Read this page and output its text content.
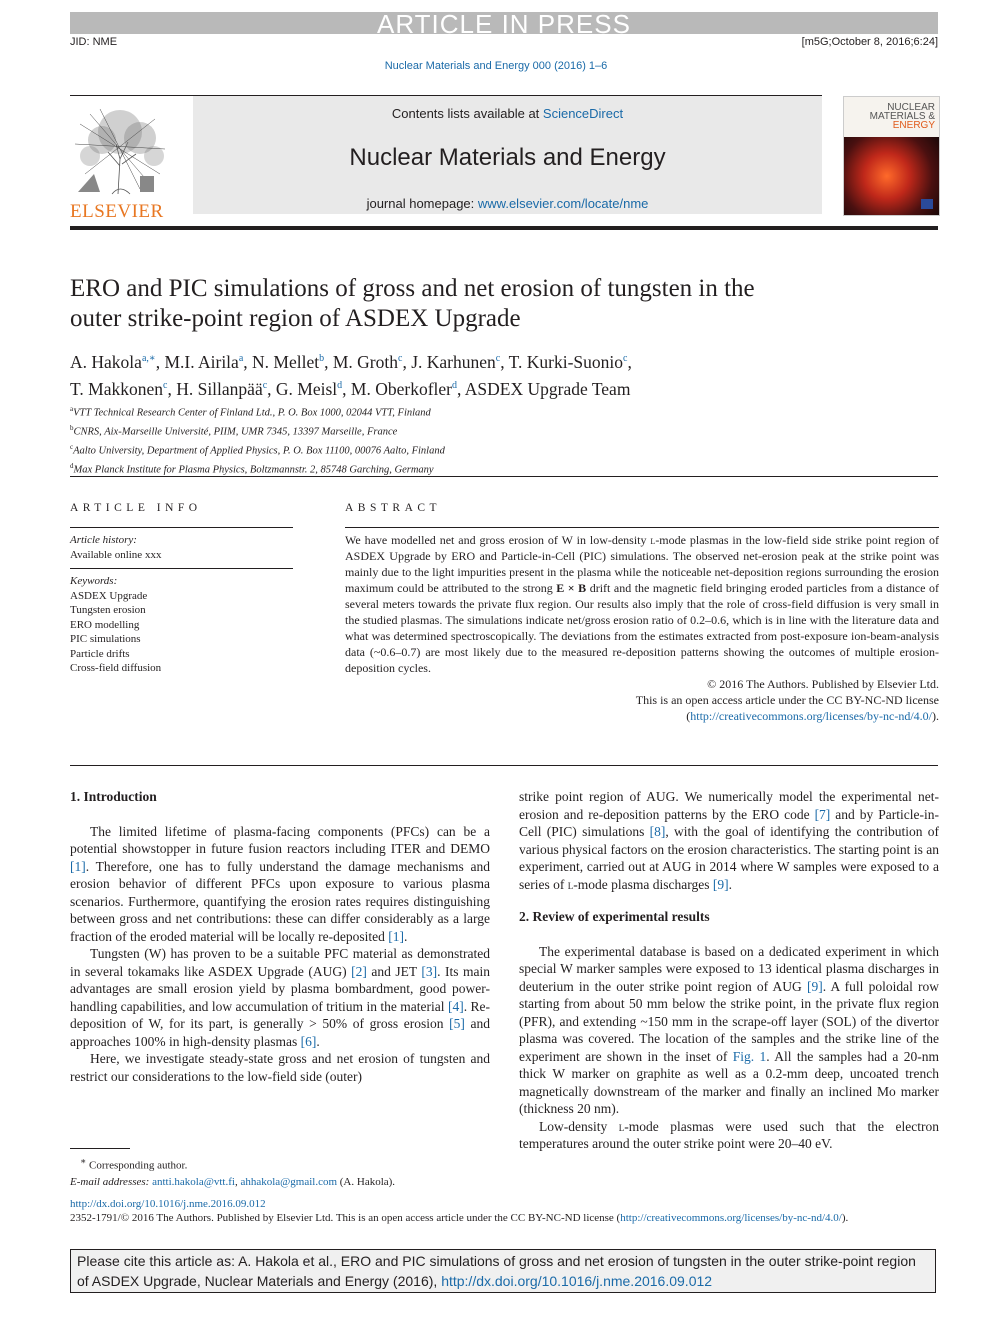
ARTICLE IN PRESS
JID: NME	[m5G;October 8, 2016;6:24]
Nuclear Materials and Energy 000 (2016) 1–6
ELSEVIER
Contents lists available at ScienceDirect
Nuclear Materials and Energy
journal homepage: www.elsevier.com/locate/nme
NUCLEAR
MATERIALS &
ENERGY
ERO and PIC simulations of gross and net erosion of tungsten in the
outer strike-point region of ASDEX Upgrade
A. Hakola$^{a,∗}$, M.I. Airila$^a$, N. Mellet$^b$, M. Groth$^c$, J. Karhunen$^c$, T. Kurki-Suonio$^c$,
T. Makkonen$^c$, H. Sillanpää$^c$, G. Meisl$^d$, M. Oberkofler$^d$, ASDEX Upgrade Team
$^a$VTT Technical Research Center of Finland Ltd., P. O. Box 1000, 02044 VTT, Finland
$^b$CNRS, Aix-Marseille Université, PIIM, UMR 7345, 13397 Marseille, France
$^c$Aalto University, Department of Applied Physics, P. O. Box 11100, 00076 Aalto, Finland
$^d$Max Planck Institute for Plasma Physics, Boltzmannstr. 2, 85748 Garching, Germany
ARTICLE INFO
Article history:
Available online xxx
Keywords:
ASDEX Upgrade
Tungsten erosion
ERO modelling
PIC simulations
Particle drifts
Cross-field diffusion
ABSTRACT
We have modelled net and gross erosion of W in low-density l-mode plasmas in the low-field side strike point region of ASDEX Upgrade by ERO and Particle-in-Cell (PIC) simulations. The observed net-erosion peak at the strike point was mainly due to the light impurities present in the plasma while the noticeable net-deposition regions surrounding the erosion maximum could be attributed to the strong E × B drift and the magnetic field bringing eroded particles from a distance of several meters towards the private flux region. Our results also imply that the role of cross-field diffusion is very small in the studied plasmas. The simulations indicate net/gross erosion ratio of 0.2–0.6, which is in line with the literature data and what was determined spectroscopically. The deviations from the estimates extracted from post-exposure ion-beam-analysis data (~0.6–0.7) are most likely due to the measured re-deposition patterns showing the outcomes of multiple erosion-deposition cycles.
© 2016 The Authors. Published by Elsevier Ltd.
This is an open access article under the CC BY-NC-ND license
(http://creativecommons.org/licenses/by-nc-nd/4.0/).
1. Introduction

The limited lifetime of plasma-facing components (PFCs) can be a potential showstopper in future fusion reactors including ITER and DEMO [1]. Therefore, one has to fully understand the damage mechanisms and erosion behavior of different PFCs upon exposure to various plasma scenarios. Furthermore, quantifying the erosion rates requires distinguishing between gross and net contributions: these can differ considerably as a large fraction of the eroded material will be locally re-deposited [1].

Tungsten (W) has proven to be a suitable PFC material as demonstrated in several tokamaks like ASDEX Upgrade (AUG) [2] and JET [3]. Its main advantages are small erosion yield by plasma bombardment, good power-handling capabilities, and low accumulation of tritium in the material [4]. Re-deposition of W, for its part, is generally > 50% of gross erosion [5] and approaches 100% in high-density plasmas [6].

Here, we investigate steady-state gross and net erosion of tungsten and restrict our considerations to the low-field side (outer)

∗ Corresponding author.
E-mail addresses: antti.hakola@vtt.fi, ahhakola@gmail.com (A. Hakola).

strike point region of AUG. We numerically model the experimental net-erosion and re-deposition patterns by the ERO code [7] and by Particle-in-Cell (PIC) simulations [8], with the goal of identifying the contribution of various physical factors on the erosion characteristics. The starting point is an experiment, carried out at AUG in 2014 where W samples were exposed to a series of l-mode plasma discharges [9].

2. Review of experimental results

The experimental database is based on a dedicated experiment in which special W marker samples were exposed to 13 identical plasma discharges in deuterium in the outer strike point region of AUG [9]. A full poloidal row starting from about 50 mm below the strike point, in the private flux region (PFR), and extending ~150 mm in the scrape-off layer (SOL) of the divertor plasma was covered. The location of the samples and the strike line of the experiment are shown in the inset of Fig. 1. All the samples had a 20-nm thick W marker on graphite as well as a 0.2-mm deep, uncoated trench magnetically downstream of the marker and finally an inclined Mo marker (thickness 20 nm).

Low-density l-mode plasmas were used such that the electron temperatures around the outer strike point were 20–40 eV.

http://dx.doi.org/10.1016/j.nme.2016.09.012
2352-1791/© 2016 The Authors. Published by Elsevier Ltd. This is an open access article under the CC BY-NC-ND license (http://creativecommons.org/licenses/by-nc-nd/4.0/).
Please cite this article as: A. Hakola et al., ERO and PIC simulations of gross and net erosion of tungsten in the outer strike-point region of ASDEX Upgrade, Nuclear Materials and Energy (2016), http://dx.doi.org/10.1016/j.nme.2016.09.012
